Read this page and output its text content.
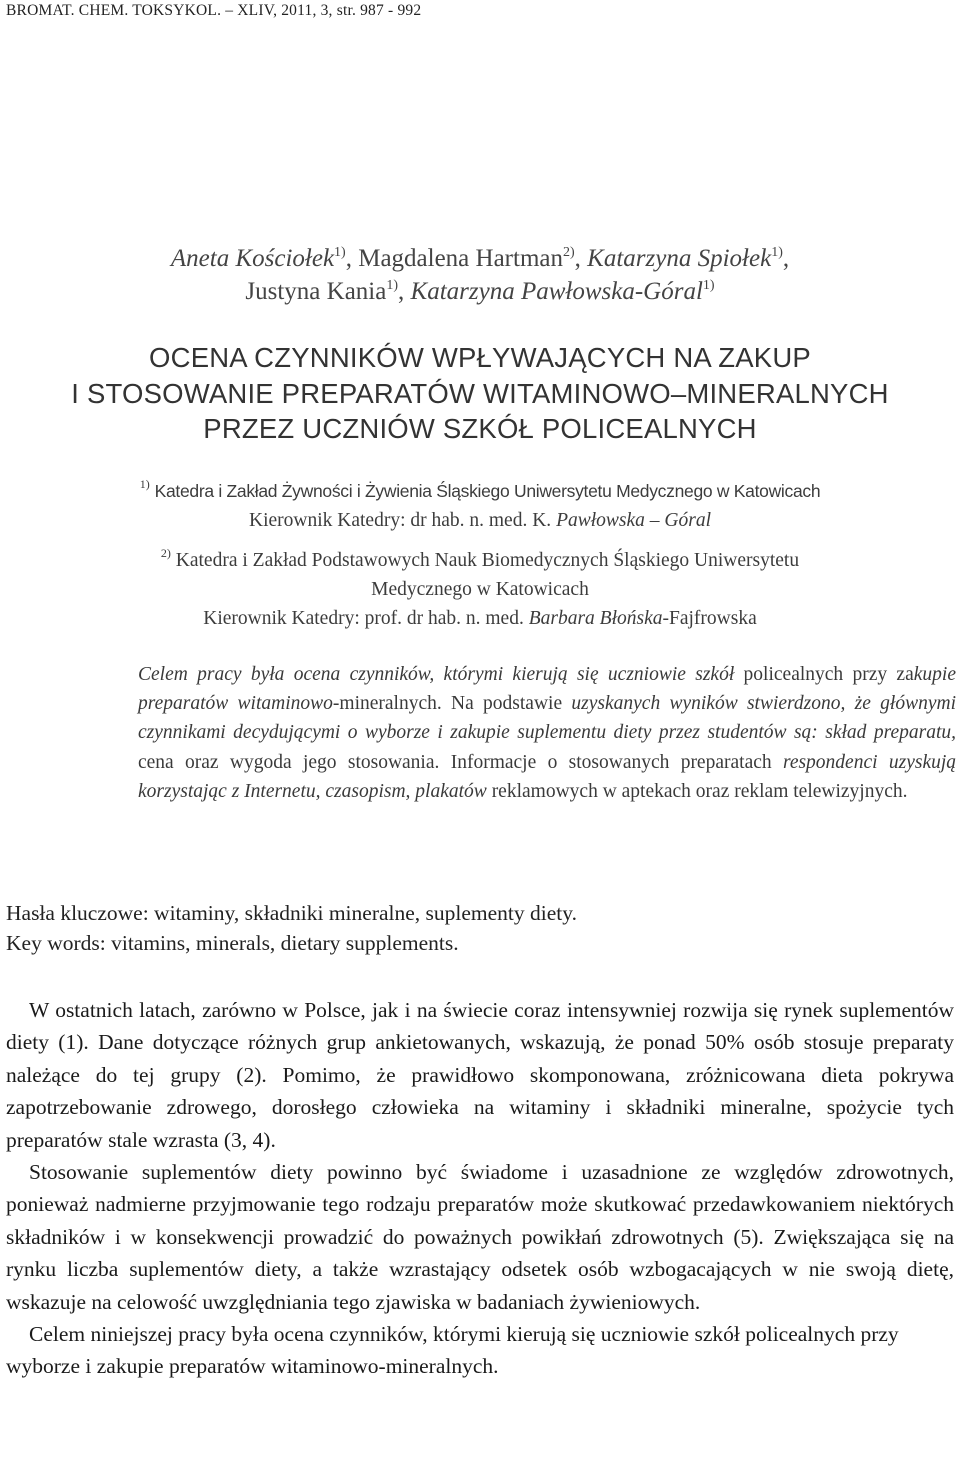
BROMAT. CHEM. TOKSYKOL. – XLIV, 2011, 3, str. 987 - 992
Aneta Kościołek$^{1)}$, Magdalena Hartman$^{2)}$, Katarzyna Spiołek$^{1)}$,
Justyna Kania$^{1)}$, Katarzyna Pawłowska-Góral$^{1)}$
OCENA CZYNNIKÓW WPŁYWAJĄCYCH NA ZAKUP
I STOSOWANIE PREPARATÓW WITAMINOWO–MINERALNYCH
PRZEZ UCZNIÓW SZKÓŁ POLICEALNYCH
$^{1)}$ Katedra i Zakład Żywności i Żywienia Śląskiego Uniwersytetu Medycznego w Katowicach
Kierownik Katedry: dr hab. n. med. K. Pawłowska – Góral
$^{2)}$ Katedra i Zakład Podstawowych Nauk Biomedycznych Śląskiego Uniwersytetu
Medycznego w Katowicach
Kierownik Katedry: prof. dr hab. n. med. Barbara Błońska-Fajfrowska

Celem pracy była ocena czynników, którymi kierują się uczniowie szkół policealnych przy zakupie preparatów witaminowo-mineralnych. Na podstawie uzyskanych wyników stwierdzono, że głównymi czynnikami decydującymi o wyborze i zakupie suplementu diety przez studentów są: skład preparatu, cena oraz wygoda jego stosowania. Informacje o stosowanych preparatach respondenci uzyskują korzystając z Internetu, czasopism, plakatów reklamowych w aptekach oraz reklam telewizyjnych.

Hasła kluczowe: witaminy, składniki mineralne, suplementy diety.
Key words: vitamins, minerals, dietary supplements.

W ostatnich latach, zarówno w Polsce, jak i na świecie coraz intensywniej rozwija się rynek suplementów diety (1). Dane dotyczące różnych grup ankietowanych, wskazują, że ponad 50% osób stosuje preparaty należące do tej grupy (2). Pomimo, że prawidłowo skomponowana, zróżnicowana dieta pokrywa zapotrzebowanie zdrowego, dorosłego człowieka na witaminy i składniki mineralne, spożycie tych preparatów stale wzrasta (3, 4).

Stosowanie suplementów diety powinno być świadome i uzasadnione ze względów zdrowotnych, ponieważ nadmierne przyjmowanie tego rodzaju preparatów może skutkować przedawkowaniem niektórych składników i w konsekwencji prowadzić do poważnych powikłań zdrowotnych (5). Zwiększająca się na rynku liczba suplementów diety, a także wzrastający odsetek osób wzbogacających w nie swoją dietę, wskazuje na celowość uwzględniania tego zjawiska w badaniach żywieniowych.

Celem niniejszej pracy była ocena czynników, którymi kierują się uczniowie szkół policealnych przy wyborze i zakupie preparatów witaminowo-mineralnych.
